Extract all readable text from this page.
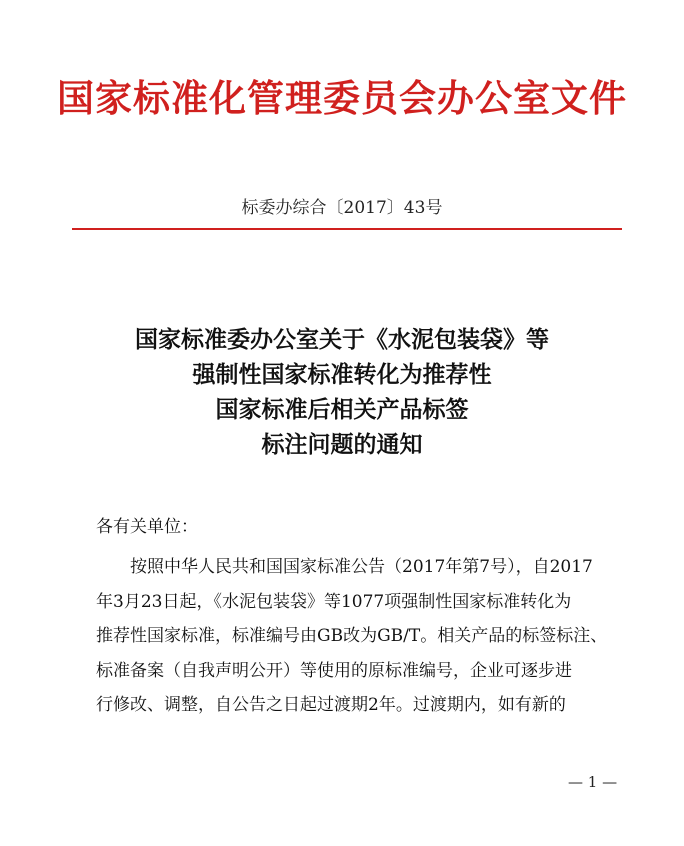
国家标准化管理委员会办公室文件
标委办综合〔2017〕43号
国家标准委办公室关于《水泥包装袋》等
强制性国家标准转化为推荐性
国家标准后相关产品标签
标注问题的通知
各有关单位：
按照中华人民共和国国家标准公告（2017年第7号），自2017
年3月23日起，《水泥包装袋》等1077项强制性国家标准转化为
推荐性国家标准，标准编号由GB改为GB/T。相关产品的标签标注、
标准备案（自我声明公开）等使用的原标准编号，企业可逐步进
行修改、调整，自公告之日起过渡期2年。过渡期内，如有新的
— 1 —
